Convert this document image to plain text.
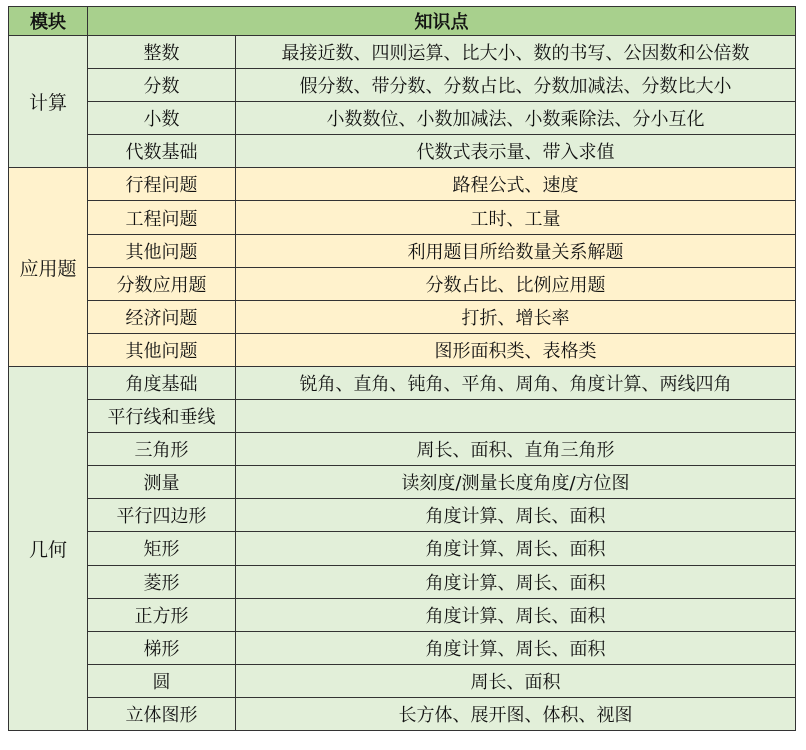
模块	知识点	
计算	整数	最接近数、四则运算、比大小、数的书写、公因数和公倍数
	分数	假分数、带分数、分数占比、分数加减法、分数比大小
	小数	小数数位、小数加减法、小数乘除法、分小互化
	代数基础	代数式表示量、带入求值
应用题	行程问题	路程公式、速度
	工程问题	工时、工量
	其他问题	利用题目所给数量关系解题
	分数应用题	分数占比、比例应用题
	经济问题	打折、增长率
	其他问题	图形面积类、表格类
几何	角度基础	锐角、直角、钝角、平角、周角、角度计算、两线四角
	平行线和垂线	
	三角形	周长、面积、直角三角形
	测量	读刻度/测量长度角度/方位图
	平行四边形	角度计算、周长、面积
	矩形	角度计算、周长、面积
	菱形	角度计算、周长、面积
	正方形	角度计算、周长、面积
	梯形	角度计算、周长、面积
	圆	周长、面积
	立体图形	长方体、展开图、体积、视图
